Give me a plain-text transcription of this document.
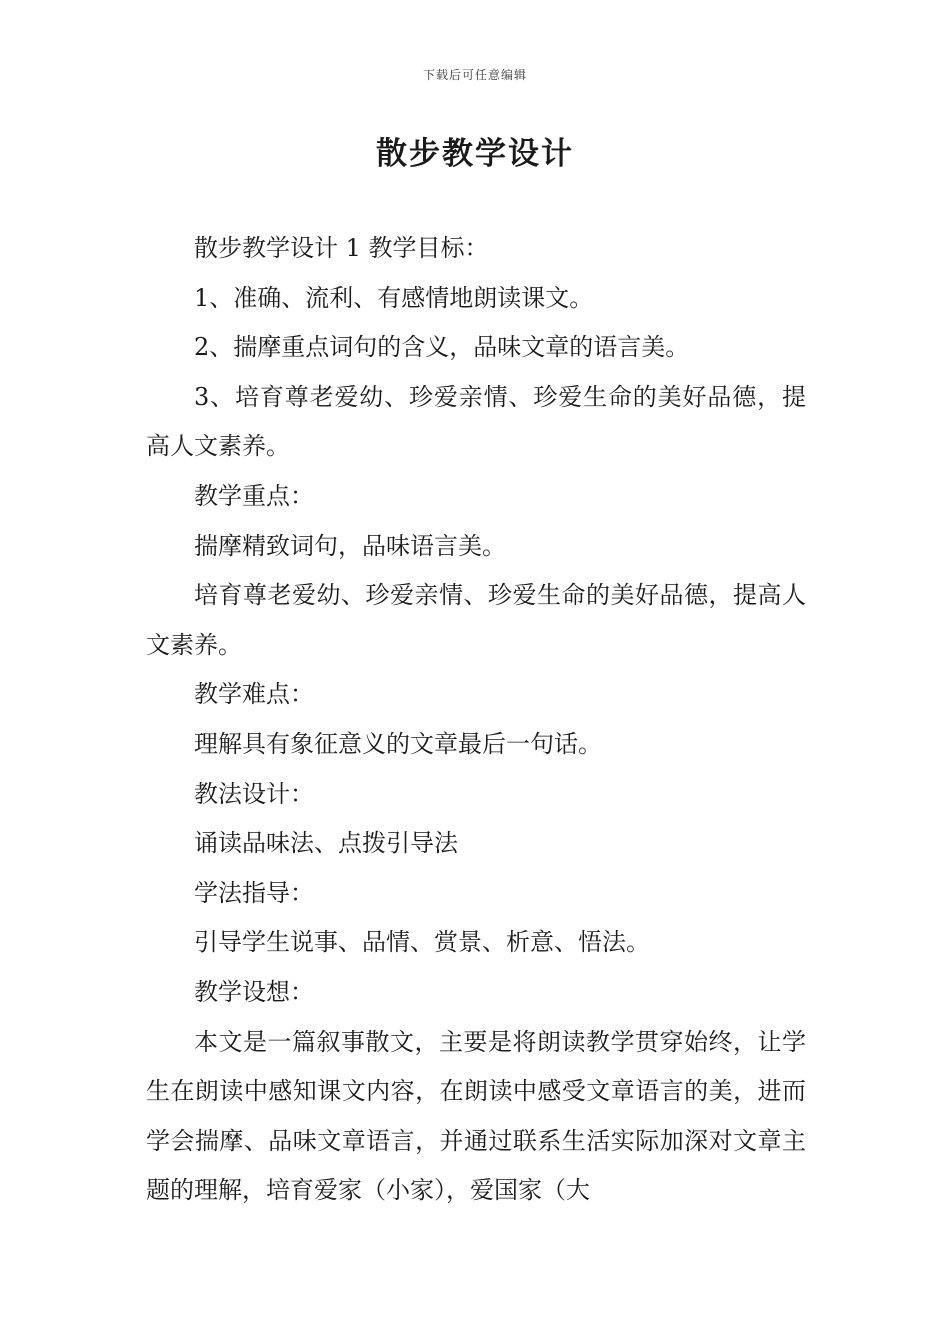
下载后可任意编辑
散步教学设计

散步教学设计 1 教学目标：

1、准确、流利、有感情地朗读课文。

2、揣摩重点词句的含义，品味文章的语言美。

3、培育尊老爱幼、珍爱亲情、珍爱生命的美好品德，提高人文素养。

教学重点：

揣摩精致词句，品味语言美。

培育尊老爱幼、珍爱亲情、珍爱生命的美好品德，提高人文素养。

教学难点：

理解具有象征意义的文章最后一句话。

教法设计：

诵读品味法、点拨引导法

学法指导：

引导学生说事、品情、赏景、析意、悟法。

教学设想：

本文是一篇叙事散文，主要是将朗读教学贯穿始终，让学生在朗读中感知课文内容，在朗读中感受文章语言的美，进而学会揣摩、品味文章语言，并通过联系生活实际加深对文章主题的理解，培育爱家（小家），爱国家（大
